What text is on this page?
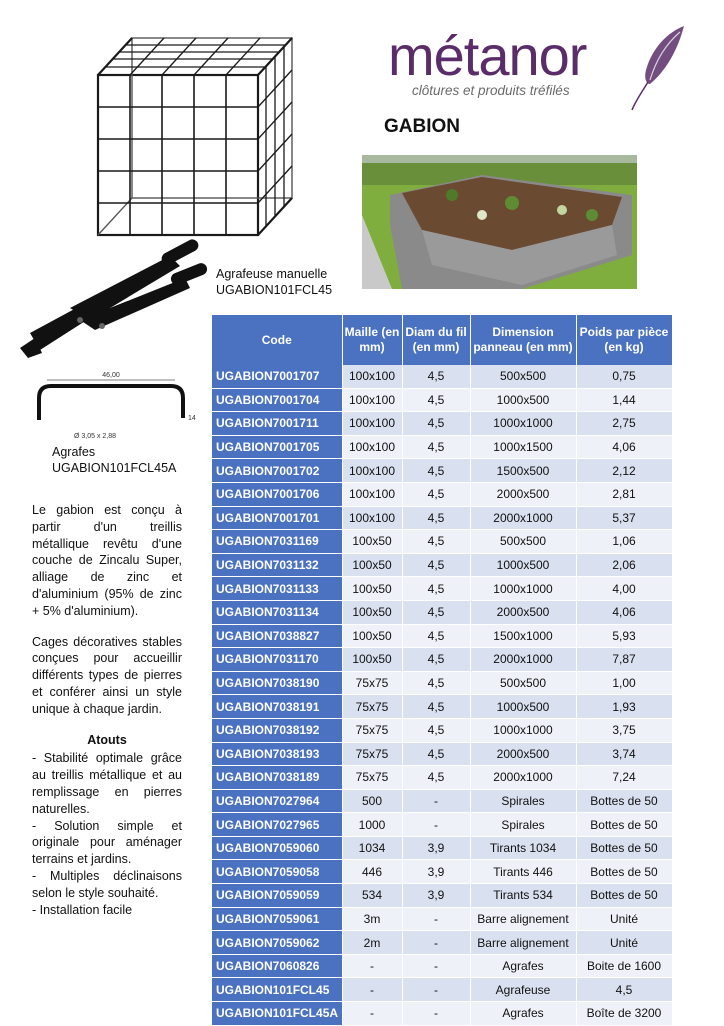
métanor
clôtures et produits tréfilés
GABION
Agrafeuse manuelle
UGABION101FCL45
46,00
14
Ø 3,05 x 2,88
Agrafes
UGABION101FCL45A

Le gabion est conçu à partir d'un treillis métallique revêtu d'une couche de Zincalu Super, alliage de zinc et d'aluminium (95% de zinc + 5% d'aluminium).

Cages décoratives stables conçues pour accueillir différents types de pierres et conférer ainsi un style unique à chaque jardin.

Atouts
- Stabilité optimale grâce au treillis métallique et au remplissage en pierres naturelles.
- Solution simple et originale pour aménager terrains et jardins.
- Multiples déclinaisons selon le style souhaité.
- Installation facile
Code	Maille (en mm)	Diam du fil (en mm)	Dimension panneau (en mm)	Poids par pièce (en kg)
UGABION7001707	100x100	4,5	500x500	0,75
UGABION7001704	100x100	4,5	1000x500	1,44
UGABION7001711	100x100	4,5	1000x1000	2,75
UGABION7001705	100x100	4,5	1000x1500	4,06
UGABION7001702	100x100	4,5	1500x500	2,12
UGABION7001706	100x100	4,5	2000x500	2,81
UGABION7001701	100x100	4,5	2000x1000	5,37
UGABION7031169	100x50	4,5	500x500	1,06
UGABION7031132	100x50	4,5	1000x500	2,06
UGABION7031133	100x50	4,5	1000x1000	4,00
UGABION7031134	100x50	4,5	2000x500	4,06
UGABION7038827	100x50	4,5	1500x1000	5,93
UGABION7031170	100x50	4,5	2000x1000	7,87
UGABION7038190	75x75	4,5	500x500	1,00
UGABION7038191	75x75	4,5	1000x500	1,93
UGABION7038192	75x75	4,5	1000x1000	3,75
UGABION7038193	75x75	4,5	2000x500	3,74
UGABION7038189	75x75	4,5	2000x1000	7,24
UGABION7027964	500	-	Spirales	Bottes de 50
UGABION7027965	1000	-	Spirales	Bottes de 50
UGABION7059060	1034	3,9	Tirants 1034	Bottes de 50
UGABION7059058	446	3,9	Tirants 446	Bottes de 50
UGABION7059059	534	3,9	Tirants 534	Bottes de 50
UGABION7059061	3m	-	Barre alignement	Unité
UGABION7059062	2m	-	Barre alignement	Unité
UGABION7060826	-	-	Agrafes	Boite de 1600
UGABION101FCL45	-	-	Agrafeuse	4,5
UGABION101FCL45A	-	-	Agrafes	Boîte de 3200
